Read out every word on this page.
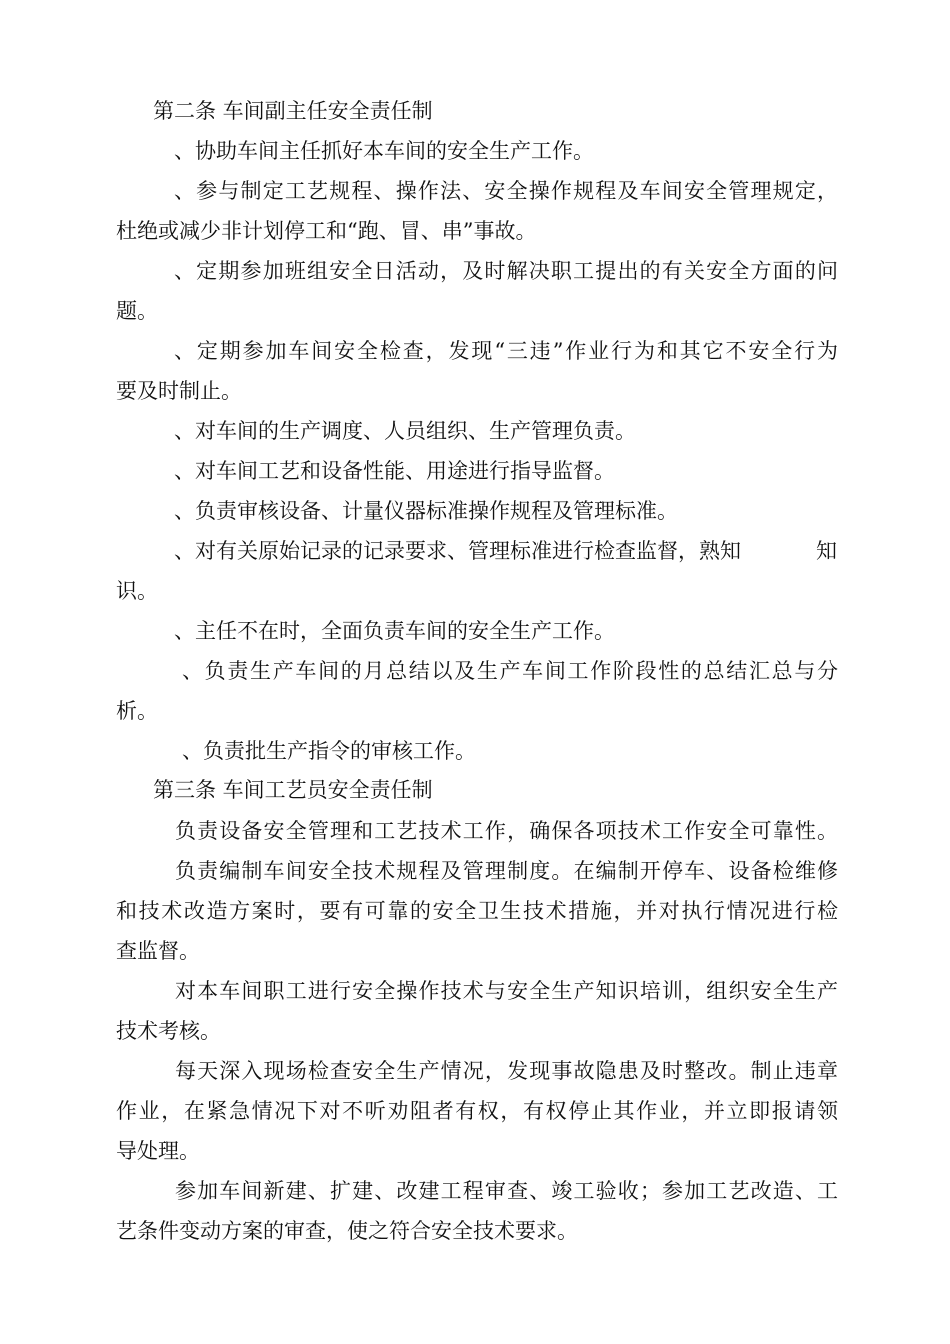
第二条 车间副主任安全责任制
、协助车间主任抓好本车间的安全生产工作。
、参与制定工艺规程、操作法、安全操作规程及车间安全管理规定，
杜绝或减少非计划停工和“跑、冒、串”事故。
、定期参加班组安全日活动，及时解决职工提出的有关安全方面的问
题。
、定期参加车间安全检查，发现“三违”作业行为和其它不安全行为
要及时制止。
、对车间的生产调度、人员组织、生产管理负责。
、对车间工艺和设备性能、用途进行指导监督。
、负责审核设备、计量仪器标准操作规程及管理标准。
、对有关原始记录的记录要求、管理标准进行检查监督，熟知	知
识。
、主任不在时，全面负责车间的安全生产工作。
、负责生产车间的月总结以及生产车间工作阶段性的总结汇总与分
析。
、负责批生产指令的审核工作。
第三条 车间工艺员安全责任制
负责设备安全管理和工艺技术工作，确保各项技术工作安全可靠性。
负责编制车间安全技术规程及管理制度。在编制开停车、设备检维修
和技术改造方案时，要有可靠的安全卫生技术措施，并对执行情况进行检
查监督。
对本车间职工进行安全操作技术与安全生产知识培训，组织安全生产
技术考核。
每天深入现场检查安全生产情况，发现事故隐患及时整改。制止违章
作业，在紧急情况下对不听劝阻者有权，有权停止其作业，并立即报请领
导处理。
参加车间新建、扩建、改建工程审查、竣工验收；参加工艺改造、工
艺条件变动方案的审查，使之符合安全技术要求。
